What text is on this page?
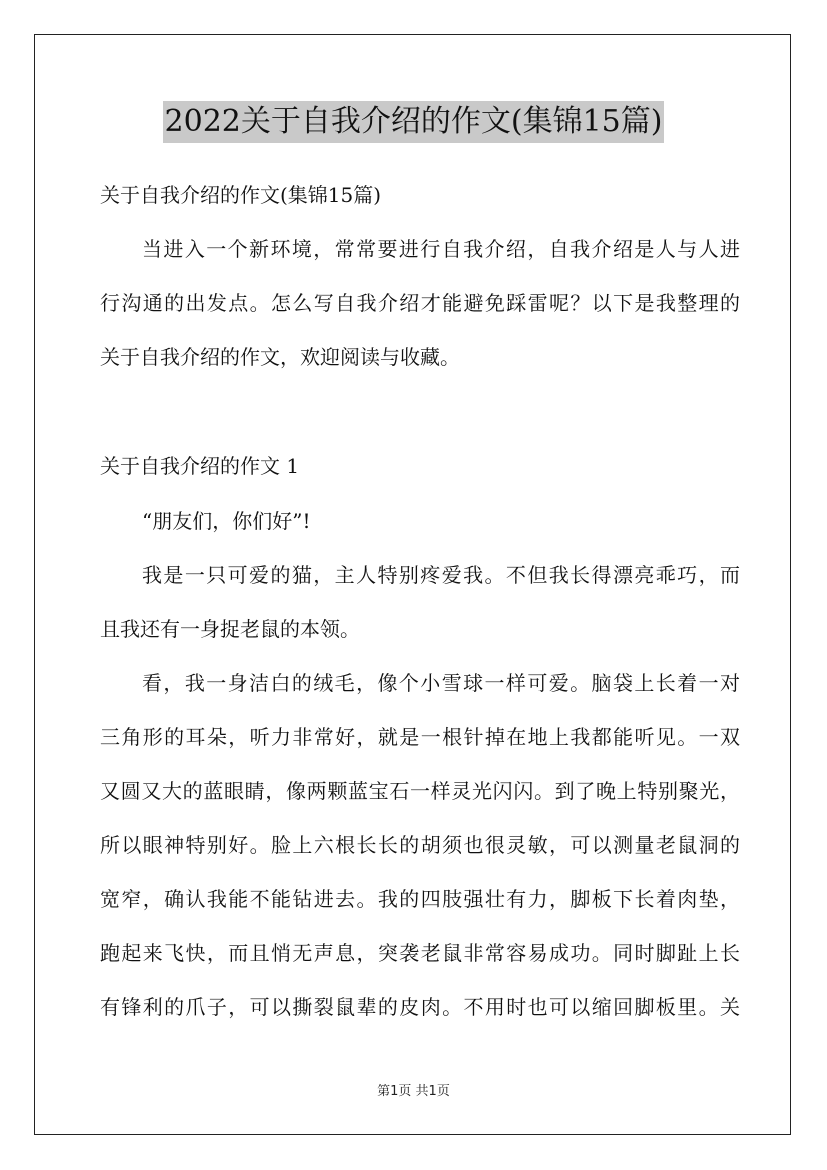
2022关于自我介绍的作文(集锦15篇)
关于自我介绍的作文(集锦15篇)
当进入一个新环境，常常要进行自我介绍，自我介绍是人与人进
行沟通的出发点。怎么写自我介绍才能避免踩雷呢？以下是我整理的
关于自我介绍的作文，欢迎阅读与收藏。
关于自我介绍的作文 1
“朋友们，你们好”!
我是一只可爱的猫，主人特别疼爱我。不但我长得漂亮乖巧，而
且我还有一身捉老鼠的本领。
看，我一身洁白的绒毛，像个小雪球一样可爱。脑袋上长着一对
三角形的耳朵，听力非常好，就是一根针掉在地上我都能听见。一双
又圆又大的蓝眼睛，像两颗蓝宝石一样灵光闪闪。到了晚上特别聚光，
所以眼神特别好。脸上六根长长的胡须也很灵敏，可以测量老鼠洞的
宽窄，确认我能不能钻进去。我的四肢强壮有力，脚板下长着肉垫，
跑起来飞快，而且悄无声息，突袭老鼠非常容易成功。同时脚趾上长
有锋利的爪子，可以撕裂鼠辈的皮肉。不用时也可以缩回脚板里。关
第1页 共1页
